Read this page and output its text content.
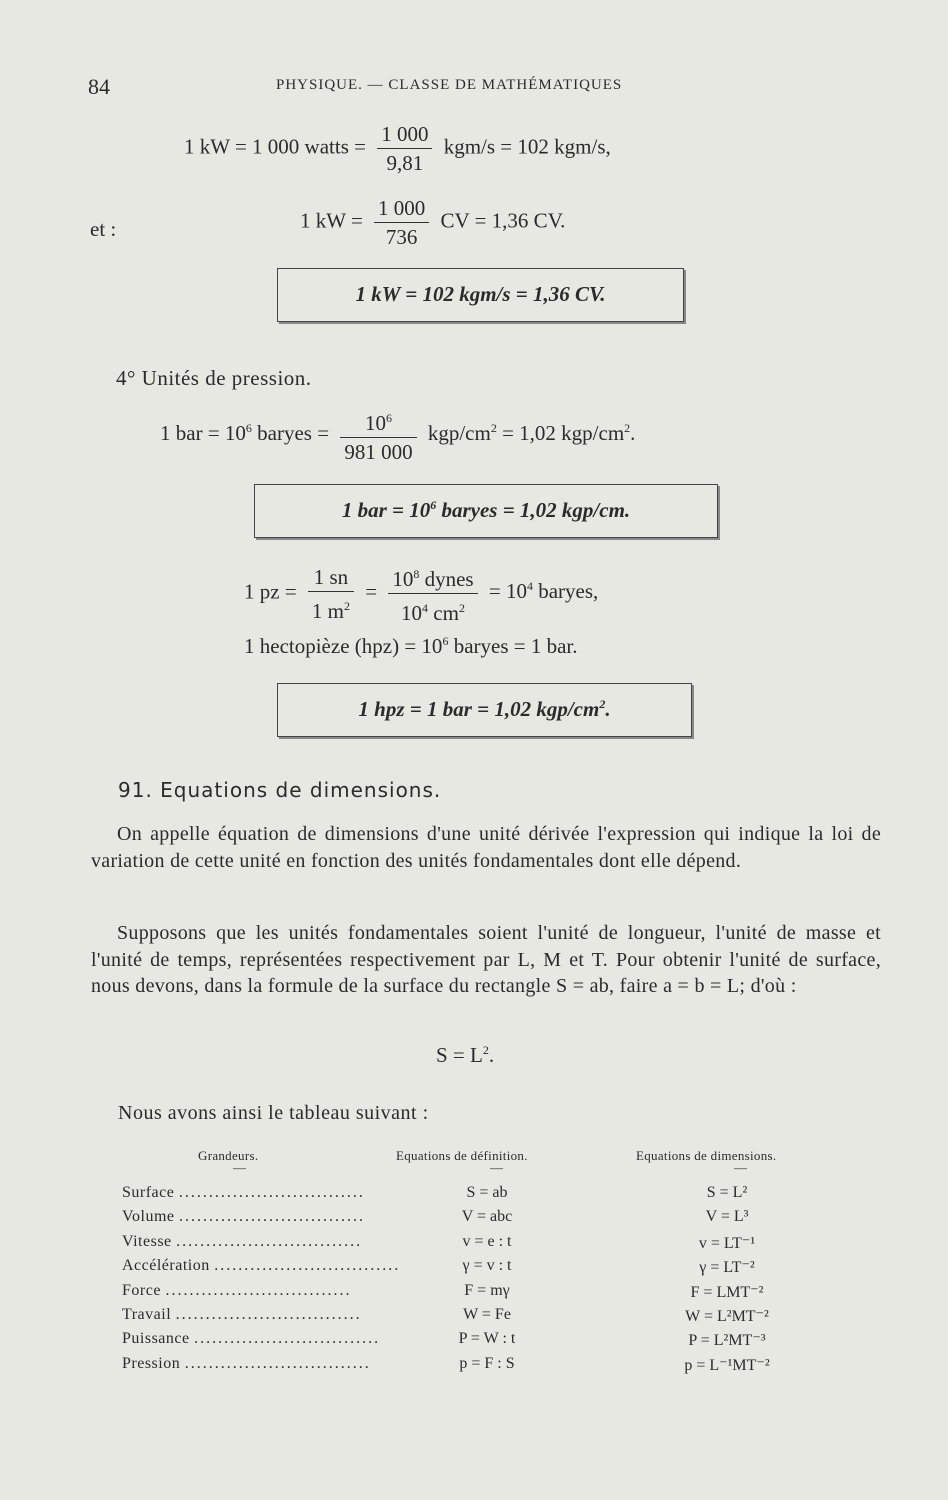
84	PHYSIQUE. — CLASSE DE MATHÉMATIQUES
1 kW = 1 000 watts = $\frac{1 000}{9,81} kgm/s = 102$ kgm/s,
et :	1 kW = $\frac{1 000}{736}$ CV = 1,36 CV.
1 kW = 102 kgm/s = 1,36 CV.
4° Unités de pression.
1 bar = $10^6$ baryes = $\frac{10^6}{981 000} kgp/cm^2 = 1,02$ kgp/$cm^2$.
1 bar = $10^6$ baryes = 1,02 kgp/cm.
1 pz = $\frac{1 sn}{1 m^2} = \frac{10^8 dynes}{10^4 cm^2} = 10^4$ baryes,
1 hectopièze $(hpz) = 10^6$ baryes = 1 bar.
1 hpz = 1 bar = 1,02 kgp/$cm^2$.
91. Equations de dimensions.
On appelle équation de dimensions d'une unité dérivée l'expression qui indique la loi de variation de cette unité en fonction des unités fondamentales dont elle dépend.
Supposons que les unités fondamentales soient l'unité de longueur, l'unité de masse et l'unité de temps, représentées respectivement par L, M et T. Pour obtenir l'unité de surface, nous devons, dans la formule de la surface du rectangle S = ab, faire a = b = L; d'où :
$S = L^2$.
Nous avons ainsi le tableau suivant :
Grandeurs.	Equations de définition.	Equations de dimensions.
—	—	—
Surface ...............................	S = ab	S = L²
Volume ...............................	V = abc	V = L³
Vitesse ...............................	v = e : t	v = LT⁻¹
Accélération ...............................	γ = v : t	γ = LT⁻²
Force ...............................	F = mγ	F = LMT⁻²
Travail ...............................	W = Fe	W = L²MT⁻²
Puissance ...............................	P = W : t	P = L²MT⁻³
Pression ...............................	p = F : S	p = L⁻¹MT⁻²
